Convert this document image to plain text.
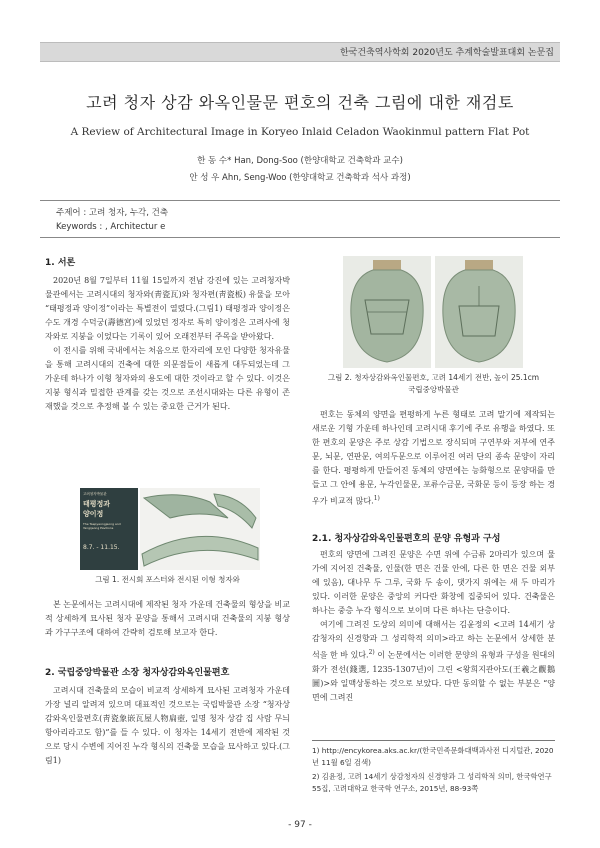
한국건축역사학회 2020년도 추계학술발표대회 논문집
고려 청자 상감 와옥인물문 편호의 건축 그림에 대한 재검토
A Review of Architectural Image in Koryeo Inlaid Celadon Waokinmul pattern Flat Pot
한 동 수* Han, Dong-Soo (한양대학교 건축학과 교수)
안 성 우 Ahn, Seng-Woo (한양대학교 건축학과 석사 과정)
주제어 : 고려 청자, 누각, 건축
Keywords : , Architectur e
1. 서론

2020년 8월 7일부터 11월 15일까지 전남 강진에 있는 고려청자박물관에서는 고려시대의 청자와(靑瓷瓦)와 청자편(靑瓷板) 유물을 모아 “태평정과 양이정”이라는 특별전이 열렸다.(그림1) 태평정과 양이정은 수도 개경 수덕궁(壽德宮)에 있었던 정자로 특히 양이정은 고려사에 청자와로 지붕을 이었다는 기록이 있어 오래전부터 주목을 받아왔다.

이 전시를 위해 국내에서는 처음으로 한자리에 모인 다양한 청자유물을 통해 고려시대의 건축에 대한 의문점들이 새롭게 대두되었는데 그 가운데 하나가 이형 청자와의 용도에 대한 것이라고 할 수 있다. 이것은 지붕 형식과 밀접한 관계를 갖는 것으로 조선시대와는 다른 유형이 존재했을 것으로 추정해 볼 수 있는 중요한 근거가 된다.

고려청자박물관
태평정과
양이정
The Taepyeongjeong and
Yangijeong Pavilions
8.7. - 11.15.
그림 1. 전시회 포스터와 전시된 이형 청자와

본 논문에서는 고려시대에 제작된 청자 가운데 건축물의 형상을 비교적 상세하게 묘사된 청자 문양을 통해서 고려시대 건축물의 지붕 형상과 가구구조에 대하여 간략히 검토해 보고자 한다.

2. 국립중앙박물관 소장 청자상감와옥인물편호

고려시대 건축물의 모습이 비교적 상세하게 묘사된 고려청자 가운데 가장 널리 알려져 있으며 대표적인 것으로는 국립박물관 소장 “청자상감와옥인물편호(靑瓷象嵌瓦屋人物扁壺, 일명 청자 상감 집 사람 무늬 항아리라고도 함)”를 들 수 있다. 이 청자는 14세기 전반에 제작된 것으로 당시 수변에 지어진 누각 형식의 건축물 모습을 묘사하고 있다.(그림1)

그림 2. 청자상감와옥인물편호, 고려 14세기 전반, 높이 25.1cm
국립중앙박물관

편호는 동체의 양면을 편평하게 누른 형태로 고려 말기에 제작되는 새로운 기형 가운데 하나인데 고려시대 후기에 주로 유행을 하였다. 또한 편호의 문양은 주로 상감 기법으로 장식되며 구연부와 저부에 연주문, 뇌문, 연판문, 여의두문으로 이루어진 여러 단의 종속 문양이 자리를 한다. 평평하게 만들어진 동체의 양면에는 능화형으로 문양대를 만들고 그 안에 용문, 누각인물문, 포류수금문, 국화문 등이 등장 하는 경우가 비교적 많다.$^{1)}$

2.1. 청자상감와옥인물편호의 문양 유형과 구성

편호의 양면에 그려진 문양은 수면 위에 수금류 2마리가 있으며 물가에 지어진 건축물, 인물(한 면은 건물 안에, 다른 한 면은 건물 외부에 있음), 대나무 두 그루, 국화 두 송이, 댓가지 위에는 새 두 마리가 있다. 이러한 문양은 중앙의 커다란 화창에 집중되어 있다. 건축물은 하나는 중층 누각 형식으로 보이며 다른 하나는 단층이다.

여기에 그려진 도상의 의미에 대해서는 김윤정의 <고려 14세기 상감청자의 신경향과 그 성리학적 의미>라고 하는 논문에서 상세한 분석을 한 바 있다.$^{2)}$ 이 논문에서는 이러한 문양의 유형과 구성을 원대의 화가 전선(錢選, 1235-1307년)이 그린 <왕희지관아도(王羲之觀鵝圖)>와 일맥상통하는 것으로 보았다. 다만 동의할 수 없는 부분은 “양면에 그려진

1) http://encykorea.aks.ac.kr/(한국민족문화대백과사전 디지털관, 2020년 11월 6일 검색)
2) 김윤정, 고려 14세기 상감청자의 신경향과 그 성리학적 의미, 한국학연구 55집, 고려대학교 한국학 연구소, 2015년, 88-93쪽
- 97 -
